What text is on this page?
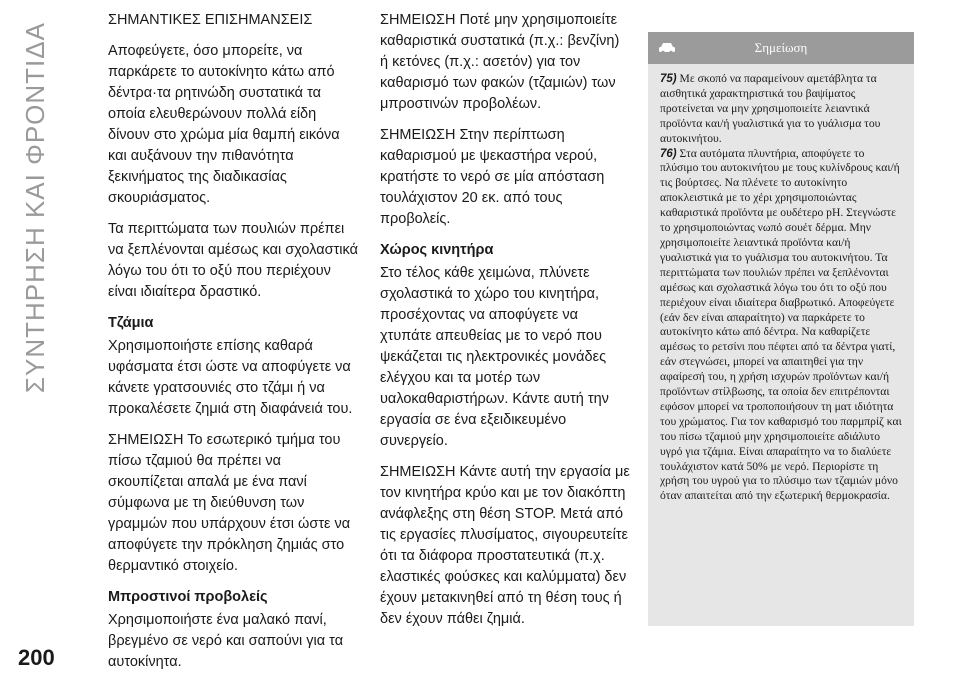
ΣΥΝΤΗΡΗΣΗ ΚΑΙ ΦΡΟΝΤΙΔΑ

ΣΗΜΑΝΤΙΚΕΣ ΕΠΙΣΗΜΑΝΣΕΙΣ

Αποφεύγετε, όσο μπορείτε, να παρκάρετε το αυτοκίνητο κάτω από δέντρα·τα ρητινώδη συστατικά τα οποία ελευθερώνουν πολλά είδη δίνουν στο χρώμα μία θαμπή εικόνα και αυξάνουν την πιθανότητα ξεκινήματος της διαδικασίας σκουριάσματος.

Τα περιττώματα των πουλιών πρέπει να ξεπλένονται αμέσως και σχολαστικά λόγω του ότι το οξύ που περιέχουν είναι ιδιαίτερα δραστικό.

Τζάμια

Χρησιμοποιήστε επίσης καθαρά υφάσματα έτσι ώστε να αποφύγετε να κάνετε γρατσουνιές στο τζάμι ή να προκαλέσετε ζημιά στη διαφάνειά του.

ΣΗΜΕΙΩΣΗ Το εσωτερικό τμήμα του πίσω τζαμιού θα πρέπει να σκουπίζεται απαλά με ένα πανί σύμφωνα με τη διεύθυνση των γραμμών που υπάρχουν έτσι ώστε να αποφύγετε την πρόκληση ζημιάς στο θερμαντικό στοιχείο.

Μπροστινοί προβολείς

Χρησιμοποιήστε ένα μαλακό πανί, βρεγμένο σε νερό και σαπούνι για τα αυτοκίνητα.

ΣΗΜΕΙΩΣΗ Ποτέ μην χρησιμοποιείτε καθαριστικά συστατικά (π.χ.: βενζίνη) ή κετόνες (π.χ.: ασετόν) για τον καθαρισμό των φακών (τζαμιών) των μπροστινών προβολέων.

ΣΗΜΕΙΩΣΗ Στην περίπτωση καθαρισμού με ψεκαστήρα νερού, κρατήστε το νερό σε μία απόσταση τουλάχιστον 20 εκ. από τους προβολείς.

Χώρος κινητήρα

Στο τέλος κάθε χειμώνα, πλύνετε σχολαστικά το χώρο του κινητήρα, προσέχοντας να αποφύγετε να χτυπάτε απευθείας με το νερό που ψεκάζεται τις ηλεκτρονικές μονάδες ελέγχου και τα μοτέρ των υαλοκαθαριστήρων. Κάντε αυτή την εργασία σε ένα εξειδικευμένο συνεργείο.

ΣΗΜΕΙΩΣΗ Κάντε αυτή την εργασία με τον κινητήρα κρύο και με τον διακόπτη ανάφλεξης στη θέση STOP. Μετά από τις εργασίες πλυσίματος, σιγουρευτείτε ότι τα διάφορα προστατευτικά (π.χ. ελαστικές φούσκες και καλύμματα) δεν έχουν μετακινηθεί από τη θέση τους ή δεν έχουν πάθει ζημιά.

Σημείωση

75) Με σκοπό να παραμείνουν αμετάβλητα τα αισθητικά χαρακτηριστικά του βαψίματος προτείνεται να μην χρησιμοποιείτε λειαντικά προϊόντα και/ή γυαλιστικά για το γυάλισμα του αυτοκινήτου.

76) Στα αυτόματα πλυντήρια, αποφύγετε το πλύσιμο του αυτοκινήτου με τους κυλίνδρους και/ή τις βούρτσες. Να πλένετε το αυτοκίνητο αποκλειστικά με το χέρι χρησιμοποιώντας καθαριστικά προϊόντα με ουδέτερο pH. Στεγνώστε το χρησιμοποιώντας νωπό σουέτ δέρμα. Μην χρησιμοποιείτε λειαντικά προϊόντα και/ή γυαλιστικά για το γυάλισμα του αυτοκινήτου. Τα περιττώματα των πουλιών πρέπει να ξεπλένονται αμέσως και σχολαστικά λόγω του ότι το οξύ που περιέχουν είναι ιδιαίτερα διαβρωτικό. Αποφεύγετε (εάν δεν είναι απαραίτητο) να παρκάρετε το αυτοκίνητο κάτω από δέντρα. Να καθαρίζετε αμέσως το ρετσίνι που πέφτει από τα δέντρα γιατί, εάν στεγνώσει, μπορεί να απαιτηθεί για την αφαίρεσή του, η χρήση ισχυρών προϊόντων και/ή προϊόντων στίλβωσης, τα οποία δεν επιτρέπονται εφόσον μπορεί να τροποποιήσουν τη ματ ιδιότητα του χρώματος. Για τον καθαρισμό του παρμπρίζ και του πίσω τζαμιού μην χρησιμοποιείτε αδιάλυτο υγρό για τζάμια. Είναι απαραίτητο να το διαλύετε τουλάχιστον κατά 50% με νερό. Περιορίστε τη χρήση του υγρού για το πλύσιμο των τζαμιών μόνο όταν απαιτείται από την εξωτερική θερμοκρασία.

200
